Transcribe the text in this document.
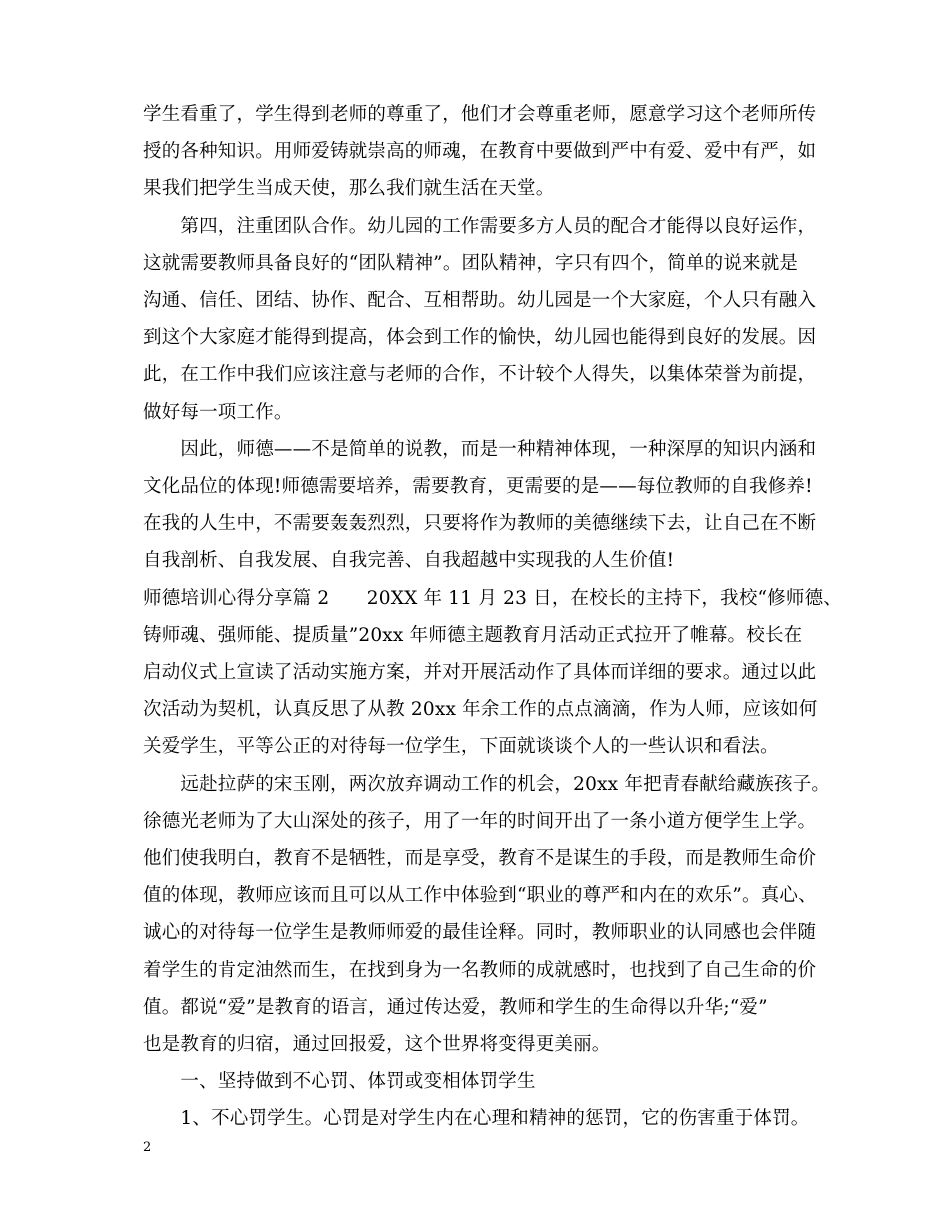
学生看重了，学生得到老师的尊重了，他们才会尊重老师，愿意学习这个老师所传
授的各种知识。用师爱铸就崇高的师魂，在教育中要做到严中有爱、爱中有严，如
果我们把学生当成天使，那么我们就生活在天堂。
　　第四，注重团队合作。幼儿园的工作需要多方人员的配合才能得以良好运作，
这就需要教师具备良好的“团队精神”。团队精神，字只有四个，简单的说来就是
沟通、信任、团结、协作、配合、互相帮助。幼儿园是一个大家庭，个人只有融入
到这个大家庭才能得到提高，体会到工作的愉快，幼儿园也能得到良好的发展。因
此，在工作中我们应该注意与老师的合作，不计较个人得失，以集体荣誉为前提，
做好每一项工作。
　　因此，师德——不是简单的说教，而是一种精神体现，一种深厚的知识内涵和
文化品位的体现!师德需要培养，需要教育，更需要的是——每位教师的自我修养!
在我的人生中，不需要轰轰烈烈，只要将作为教师的美德继续下去，让自己在不断
自我剖析、自我发展、自我完善、自我超越中实现我的人生价值!
师德培训心得分享篇 2　　20XX 年 11 月 23 日，在校长的主持下，我校“修师德、
铸师魂、强师能、提质量”20xx 年师德主题教育月活动正式拉开了帷幕。校长在
启动仪式上宣读了活动实施方案，并对开展活动作了具体而详细的要求。通过以此
次活动为契机，认真反思了从教 20xx 年余工作的点点滴滴，作为人师，应该如何
关爱学生，平等公正的对待每一位学生，下面就谈谈个人的一些认识和看法。
　　远赴拉萨的宋玉刚，两次放弃调动工作的机会，20xx 年把青春献给藏族孩子。
徐德光老师为了大山深处的孩子，用了一年的时间开出了一条小道方便学生上学。
他们使我明白，教育不是牺牲，而是享受，教育不是谋生的手段，而是教师生命价
值的体现，教师应该而且可以从工作中体验到“职业的尊严和内在的欢乐”。真心、
诚心的对待每一位学生是教师师爱的最佳诠释。同时，教师职业的认同感也会伴随
着学生的肯定油然而生，在找到身为一名教师的成就感时，也找到了自己生命的价
值。都说“爱”是教育的语言，通过传达爱，教师和学生的生命得以升华;“爱”
也是教育的归宿，通过回报爱，这个世界将变得更美丽。
　　一、坚持做到不心罚、体罚或变相体罚学生
　　1、不心罚学生。心罚是对学生内在心理和精神的惩罚，它的伤害重于体罚。
2
